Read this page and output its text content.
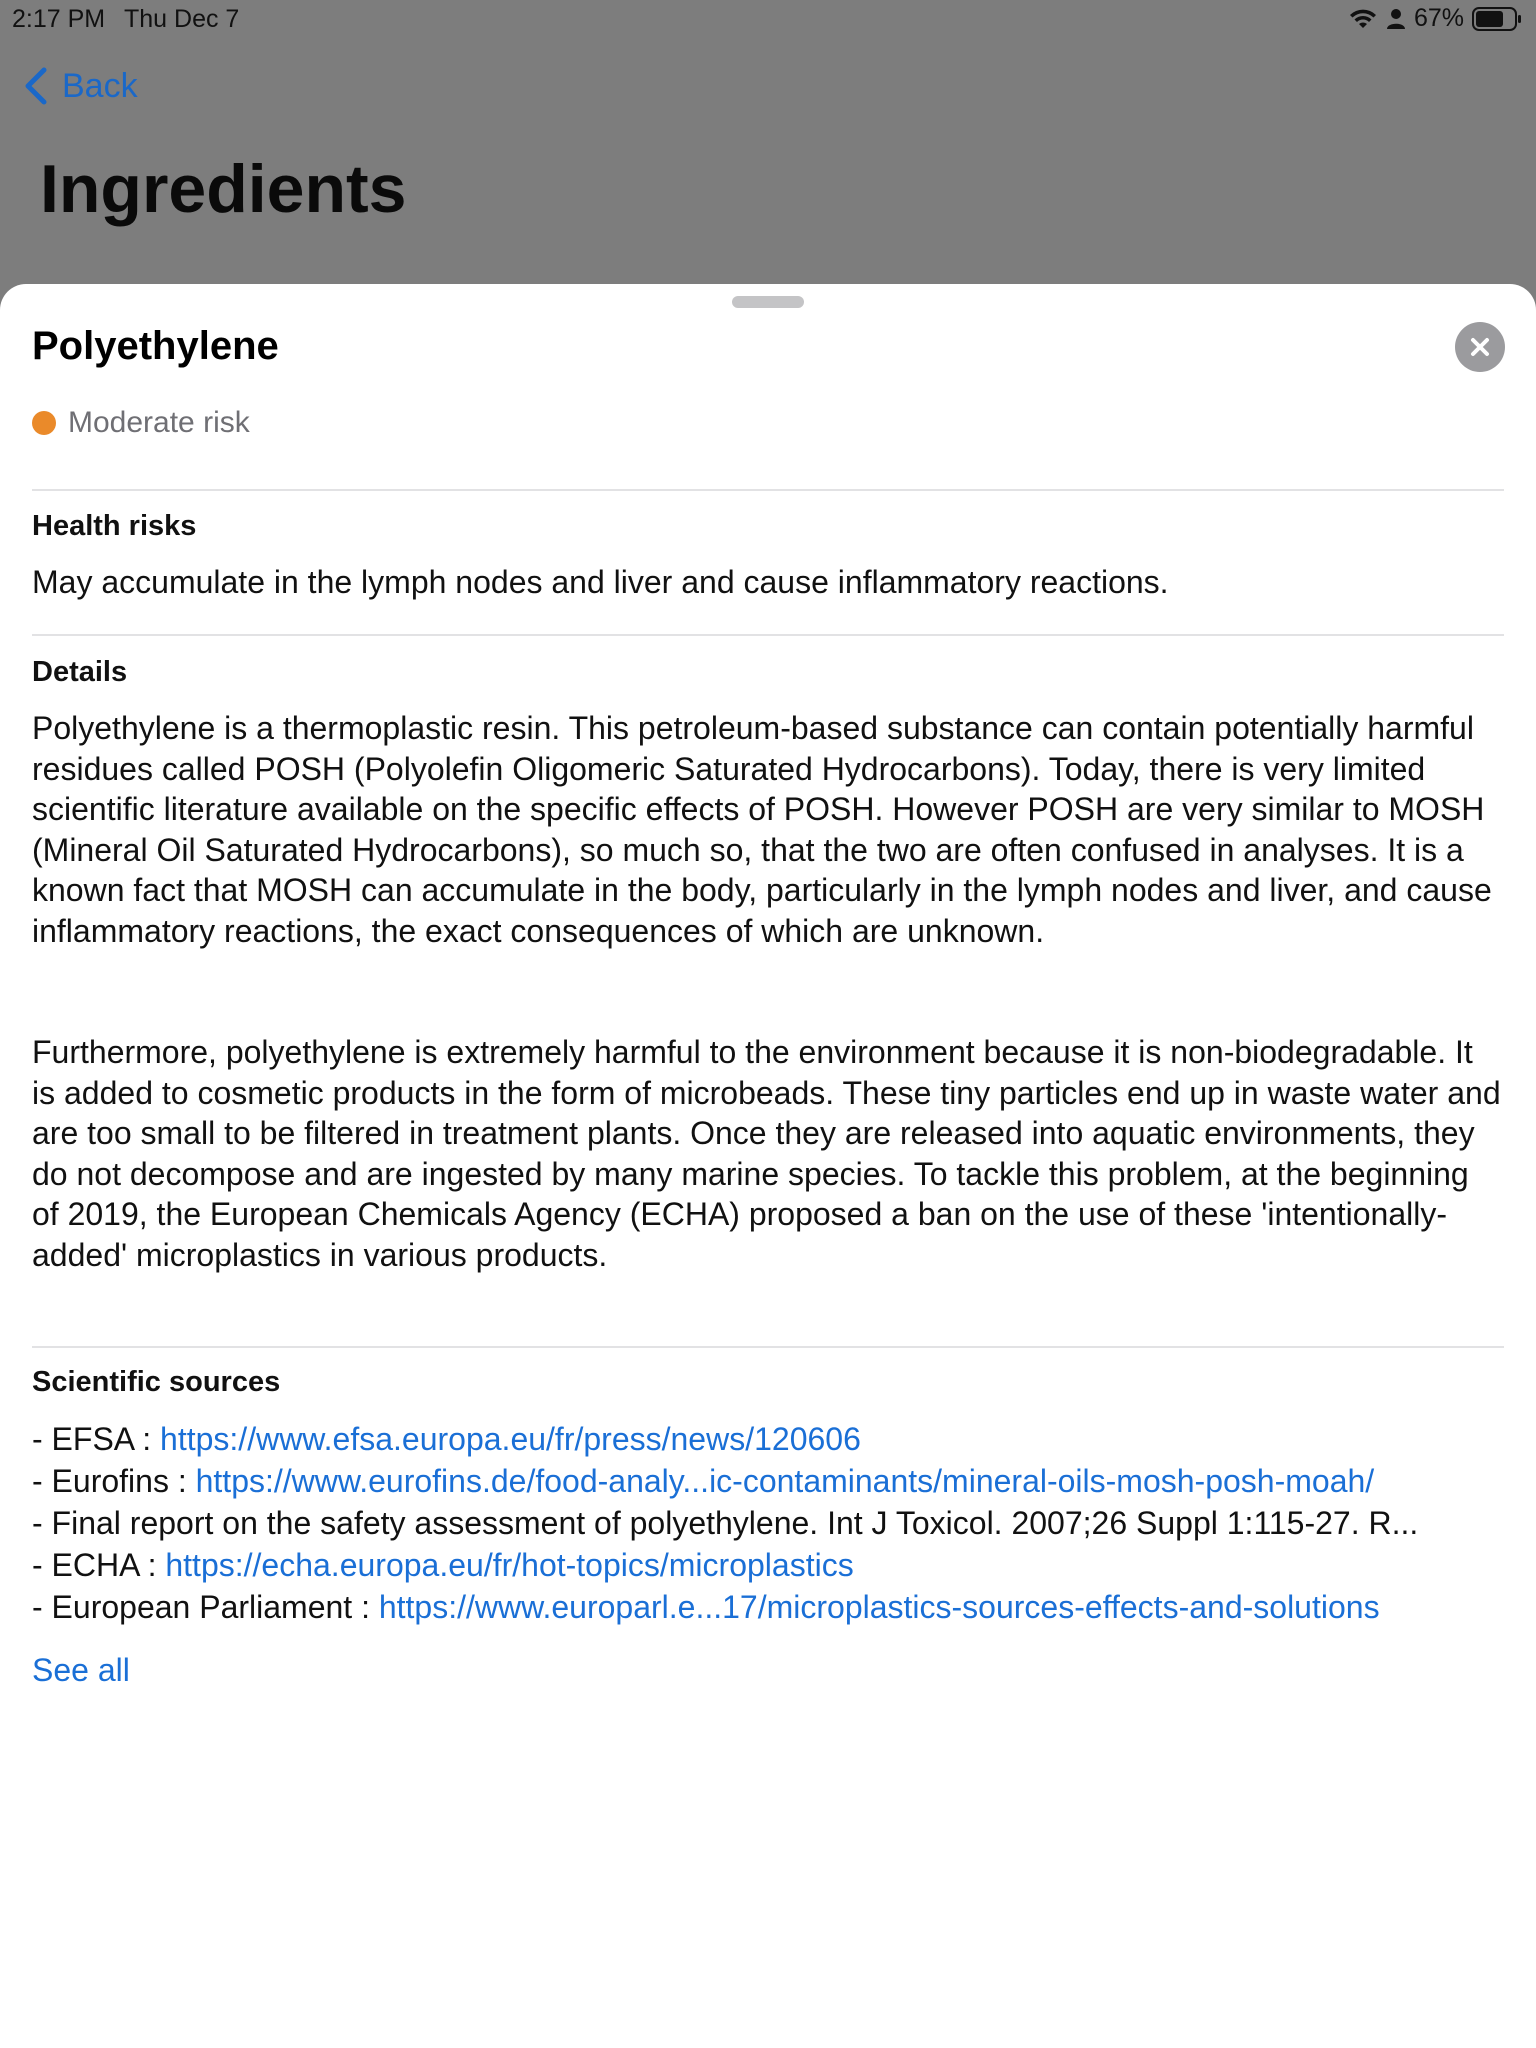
2:17 PM Thu Dec 7	67%
Back
Ingredients
Polyethylene
Moderate risk
Health risks

May accumulate in the lymph nodes and liver and cause inflammatory reactions.

Details

Polyethylene is a thermoplastic resin. This petroleum-based substance can contain potentially harmful residues called POSH (Polyolefin Oligomeric Saturated Hydrocarbons). Today, there is very limited scientific literature available on the specific effects of POSH. However POSH are very similar to MOSH (Mineral Oil Saturated Hydrocarbons), so much so, that the two are often confused in analyses. It is a known fact that MOSH can accumulate in the body, particularly in the lymph nodes and liver, and cause inflammatory reactions, the exact consequences of which are unknown.

Furthermore, polyethylene is extremely harmful to the environment because it is non-biodegradable. It is added to cosmetic products in the form of microbeads. These tiny particles end up in waste water and are too small to be filtered in treatment plants. Once they are released into aquatic environments, they do not decompose and are ingested by many marine species. To tackle this problem, at the beginning of 2019, the European Chemicals Agency (ECHA) proposed a ban on the use of these 'intentionally-added' microplastics in various products.

Scientific sources
- EFSA : https://www.efsa.europa.eu/fr/press/news/120606
- Eurofins : https://www.eurofins.de/food-analy...ic-contaminants/mineral-oils-mosh-posh-moah/
- Final report on the safety assessment of polyethylene. Int J Toxicol. 2007;26 Suppl 1:115-27. R...
- ECHA : https://echa.europa.eu/fr/hot-topics/microplastics
- European Parliament : https://www.europarl.e...17/microplastics-sources-effects-and-solutions
See all
